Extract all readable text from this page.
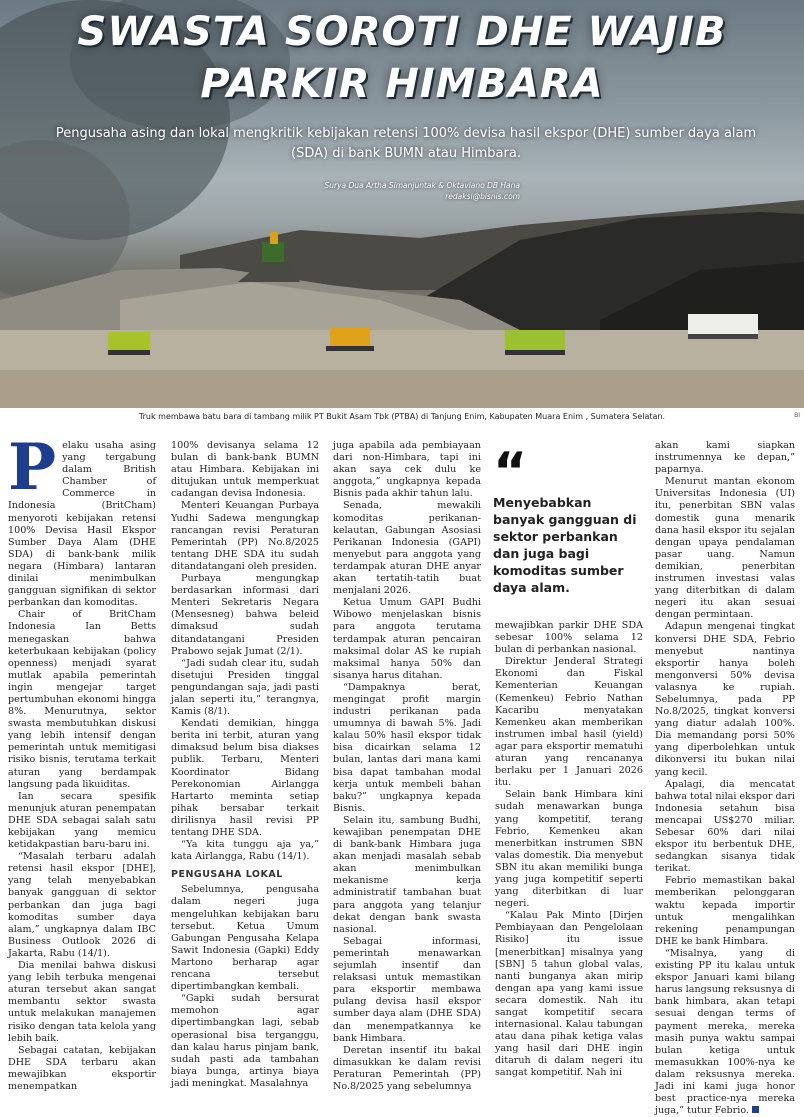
SWASTA SOROTI DHE WAJIB
PARKIR HIMBARA

Pengusaha asing dan lokal mengkritik kebijakan retensi 100% devisa hasil ekspor (DHE) sumber daya alam (SDA) di bank BUMN atau Himbara.

Surya Dua Artha Simanjuntak & Oktaviano DB Hana
redaksi@bisnis.com
Truk membawa batu bara di tambang milik PT Bukit Asam Tbk (PTBA) di Tanjung Enim, Kabupaten Muara Enim , Sumatera Selatan.	BI
P elaku usaha asing yang tergabung dalam British Chamber of Commerce in Indonesia (BritCham) menyoroti kebijakan retensi 100% Devisa Hasil Ekspor Sumber Daya Alam (DHE SDA) di bank-bank milik negara (Himbara) lantaran dinilai menimbulkan gangguan signifikan di sektor perbankan dan komoditas.

Chair of BritCham Indonesia Ian Betts menegaskan bahwa keterbukaan kebijakan (policy openness) menjadi syarat mutlak apabila pemerintah ingin mengejar target pertumbuhan ekonomi hingga 8%. Menurutnya, sektor swasta membutuhkan diskusi yang lebih intensif dengan pemerintah untuk memitigasi risiko bisnis, terutama terkait aturan yang berdampak langsung pada likuiditas.

Ian secara spesifik menunjuk aturan penempatan DHE SDA sebagai salah satu kebijakan yang memicu ketidakpastian baru-baru ini.

“Masalah terbaru adalah retensi hasil ekspor [DHE], yang telah menyebabkan banyak gangguan di sektor perbankan dan juga bagi komoditas sumber daya alam,” ungkapnya dalam IBC Business Outlook 2026 di Jakarta, Rabu (14/1).

Dia menilai bahwa diskusi yang lebih terbuka mengenai aturan tersebut akan sangat membantu sektor swasta untuk melakukan manajemen risiko dengan tata kelola yang lebih baik.

Sebagai catatan, kebijakan DHE SDA terbaru akan mewajibkan eksportir menempatkan

100% devisanya selama 12 bulan di bank-bank BUMN atau Himbara. Kebijakan ini ditujukan untuk memperkuat cadangan devisa Indonesia.

Menteri Keuangan Purbaya Yudhi Sadewa mengungkap rancangan revisi Peraturan Pemerintah (PP) No.8/2025 tentang DHE SDA itu sudah ditandatangani oleh presiden.

Purbaya mengungkap berdasarkan informasi dari Menteri Sekretaris Negara (Mensesneg) bahwa beleid dimaksud sudah ditandatangani Presiden Prabowo sejak Jumat (2/1).

“Jadi sudah clear itu, sudah disetujui Presiden tinggal pengundangan saja, jadi pasti jalan seperti itu,” terangnya, Kamis (8/1).

Kendati demikian, hingga berita ini terbit, aturan yang dimaksud belum bisa diakses publik. Terbaru, Menteri Koordinator Bidang Perekonomian Airlangga Hartarto meminta setiap pihak bersabar terkait dirilisnya hasil revisi PP tentang DHE SDA.

“Ya kita tunggu aja ya,” kata Airlangga, Rabu (14/1).

PENGUSAHA LOKAL

Sebelumnya, pengusaha dalam negeri juga mengeluhkan kebijakan baru tersebut. Ketua Umum Gabungan Pengusaha Kelapa Sawit Indonesia (Gapki) Eddy Martono berharap agar rencana tersebut dipertimbangkan kembali.

“Gapki sudah bersurat memohon agar dipertimbangkan lagi, sebab operasional bisa terganggu, dan kalau harus pinjam bank, sudah pasti ada tambahan biaya bunga, artinya biaya jadi meningkat. Masalahnya

juga apabila ada pembiayaan dari non-Himbara, tapi ini akan saya cek dulu ke anggota,” ungkapnya kepada Bisnis pada akhir tahun lalu.

Senada, mewakili komoditas perikanan-kelautan, Gabungan Asosiasi Perikanan Indonesia (GAPI) menyebut para anggota yang terdampak aturan DHE anyar akan tertatih-tatih buat menjalani 2026.

Ketua Umum GAPI Budhi Wibowo menjelaskan bisnis para anggota terutama terdampak aturan pencairan maksimal dolar AS ke rupiah maksimal hanya 50% dan sisanya harus ditahan.

“Dampaknya berat, mengingat profit margin industri perikanan pada umumnya di bawah 5%. Jadi kalau 50% hasil ekspor tidak bisa dicairkan selama 12 bulan, lantas dari mana kami bisa dapat tambahan modal kerja untuk membeli bahan baku?” ungkapnya kepada Bisnis.

Selain itu, sambung Budhi, kewajiban penempatan DHE di bank-bank Himbara juga akan menjadi masalah sebab akan menimbulkan mekanisme kerja administratif tambahan buat para anggota yang telanjur dekat dengan bank swasta nasional.

Sebagai informasi, pemerintah menawarkan sejumlah insentif dan relaksasi untuk memastikan para eksportir membawa pulang devisa hasil ekspor sumber daya alam (DHE SDA) dan menempatkannya ke bank Himbara.

Deretan insentif itu bakal dimasukkan ke dalam revisi Peraturan Pemerintah (PP) No.8/2025 yang sebelumnya

“
Menyebabkan banyak gangguan di sektor perbankan dan juga bagi komoditas sumber daya alam.

mewajibkan parkir DHE SDA sebesar 100% selama 12 bulan di perbankan nasional.

Direktur Jenderal Strategi Ekonomi dan Fiskal Kementerian Keuangan (Kemenkeu) Febrio Nathan Kacaribu menyatakan Kemenkeu akan memberikan instrumen imbal hasil (yield) agar para eksportir mematuhi aturan yang rencananya berlaku per 1 Januari 2026 itu.

Selain bank Himbara kini sudah menawarkan bunga yang kompetitif, terang Febrio, Kemenkeu akan menerbitkan instrumen SBN valas domestik. Dia menyebut SBN itu akan memiliki bunga yang juga kompetitif seperti yang diterbitkan di luar negeri.

“Kalau Pak Minto [Dirjen Pembiayaan dan Pengelolaan Risiko] itu issue [menerbitkan] misalnya yang [SBN] 5 tahun global valas, nanti bunganya akan mirip dengan apa yang kami issue secara domestik. Nah itu sangat kompetitif secara internasional. Kalau tabungan atau dana pihak ketiga valas yang hasil dari DHE ingin ditaruh di dalam negeri itu sangat kompetitif. Nah ini

akan kami siapkan instrumennya ke depan,” paparnya.

Menurut mantan ekonom Universitas Indonesia (UI) itu, penerbitan SBN valas domestik guna menarik dana hasil ekspor itu sejalan dengan upaya pendalaman pasar uang. Namun demikian, penerbitan instrumen investasi valas yang diterbitkan di dalam negeri itu akan sesuai dengan permintaan.

Adapun mengenai tingkat konversi DHE SDA, Febrio menyebut nantinya eksportir hanya boleh mengonversi 50% devisa valasnya ke rupiah. Sebelumnya, pada PP No.8/2025, tingkat konversi yang diatur adalah 100%. Dia memandang porsi 50% yang diperbolehkan untuk dikonversi itu bukan nilai yang kecil.

Apalagi, dia mencatat bahwa total nilai ekspor dari Indonesia setahun bisa mencapai US$270 miliar. Sebesar 60% dari nilai ekspor itu berbentuk DHE, sedangkan sisanya tidak terikat.

Febrio memastikan bakal memberikan pelonggaran waktu kepada importir untuk mengalihkan rekening penampungan DHE ke bank Himbara.

“Misalnya, yang di existing PP itu kalau untuk ekspor Januari kami bilang harus langsung reksusnya di bank himbara, akan tetapi sesuai dengan terms of payment mereka, mereka masih punya waktu sampai bulan ketiga untuk memasukkan 100%-nya ke dalam reksusnya mereka. Jadi ini kami juga honor best practice-nya mereka juga,” tutur Febrio.
